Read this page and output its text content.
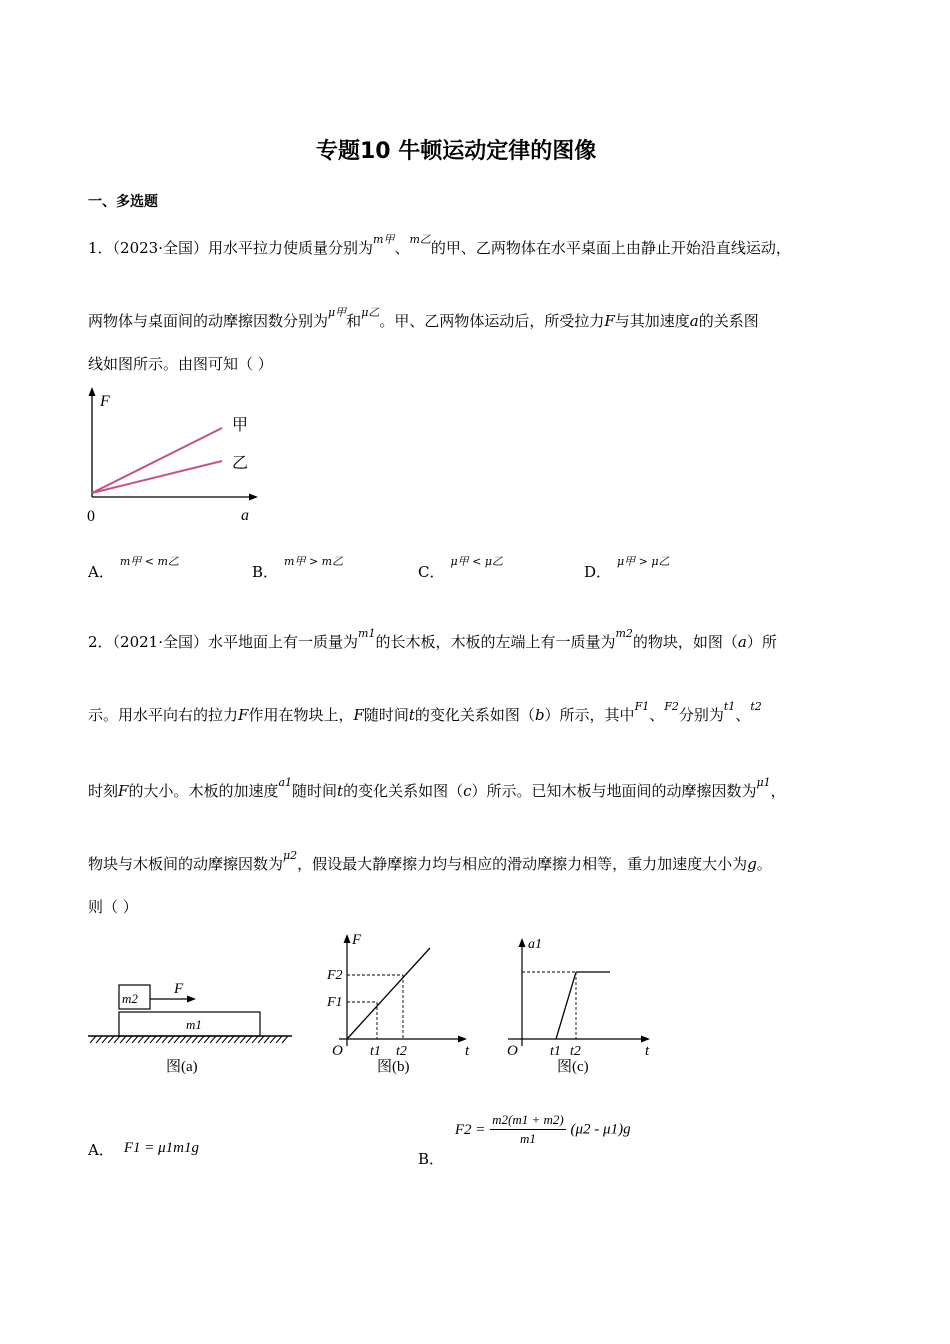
专题10 牛顿运动定律的图像
一、多选题
1．（2023·全国）用水平拉力使质量分别为$^{m甲}$、$^{m乙}$的甲、乙两物体在水平桌面上由静止开始沿直线运动，
两物体与桌面间的动摩擦因数分别为$^{\mu 甲}$和$^{\mu 乙}$。甲、乙两物体运动后，所受拉力F与其加速度a的关系图
线如图所示。由图可知（ ）
F
甲
乙
0	a
A．$^{m甲 < m乙}$
B．$^{m甲 > m乙}$
C．$^{\mu 甲 < \mu 乙}$
D．$^{\mu 甲 > \mu 乙}$
2．（2021·全国）水平地面上有一质量为$^{m1}$的长木板，木板的左端上有一质量为$^{m2}$的物块，如图（a）所
示。用水平向右的拉力F作用在物块上，F随时间t的变化关系如图（b）所示，其中$^{F1}$、$^{F2}$分别为$^{t1}$、$^{t2}$
时刻F的大小。木板的加速度$^{a1}$随时间t的变化关系如图（c）所示。已知木板与地面间的动摩擦因数为$^{\mu 1}$，
物块与木板间的动摩擦因数为$^{\mu 2}$，假设最大静摩擦力均与相应的滑动摩擦力相等，重力加速度大小为g。
则（ ）
m2
F
m1
图(a)
F
F2
F1
O t1 t2	t
图(b)
a1
O t1 t2	t
图(c)
A． F1 = μ1m1g
B． $F2 = \frac{m2(m1 + m2)}{m1} (\mu 2 - \mu 1)g$
